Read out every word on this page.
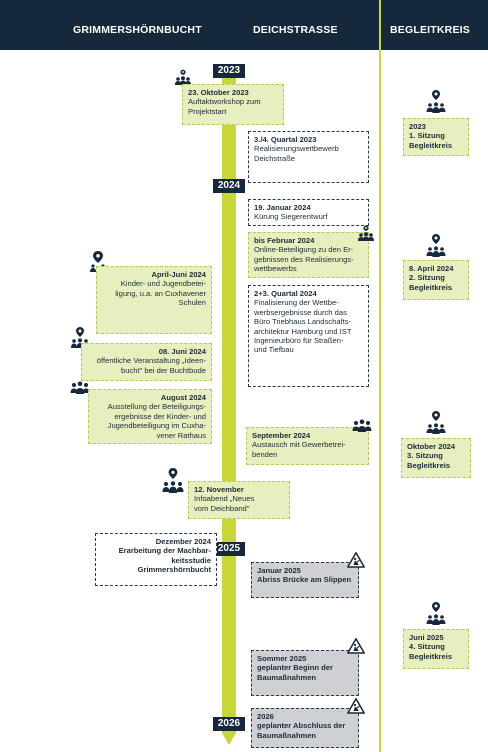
GRIMMERSHÖRNBUCHT	DEICHSTRASSE	BEGLEITKREIS
2023
2024
2025
2026
23. Oktober 2023
Auftaktworkshop zum
Projektstart
3./4. Quartal 2023
Realisierungswettbewerb
Deichstraße
19. Januar 2024
Kürung Siegerentwurf
bis Februar 2024
Online-Beteiligung zu den Er-
gebnissen des Realisierungs-
wettbewerbs
April-Juni 2024
Kinder- und Jugendbetei-
ligung, u.a. an Cuxhavener
Schulen
2+3. Quartal 2024
Finalisierung der Wettbe-
werbsergebnisse durch das
Büro Triebhaus Landschafts-
architektur Hamburg und IST
Ingenieurbüro für Straßen-
und Tiefbau
08. Juni 2024
öffentliche Veranstaltung „Ideen-
bucht" bei der Buchtbude
August 2024
Ausstellung der Beteiligungs-
ergebnisse der Kinder- und
Jugendbeteiligung im Cuxha-
vener Rathaus	September 2024
Austausch mit Gewerbetrei-
benden
12. November
Infoabend „Neues
vom Deichband"
Dezember 2024
Erarbeitung der Machbar-
keitsstudie
Grimmershörnbucht	Januar 2025
Abriss Brücke am Slippen
Sommer 2025
geplanter Beginn der
Baumaßnahmen
2026
geplanter Abschluss der
Baumaßnahmen
2023
1. Sitzung
Begleitkreis
8. April 2024
2. Sitzung
Begleitkreis
Oktober 2024
3. Sitzung
Begleitkreis
Juni 2025
4. Sitzung
Begleitkreis
